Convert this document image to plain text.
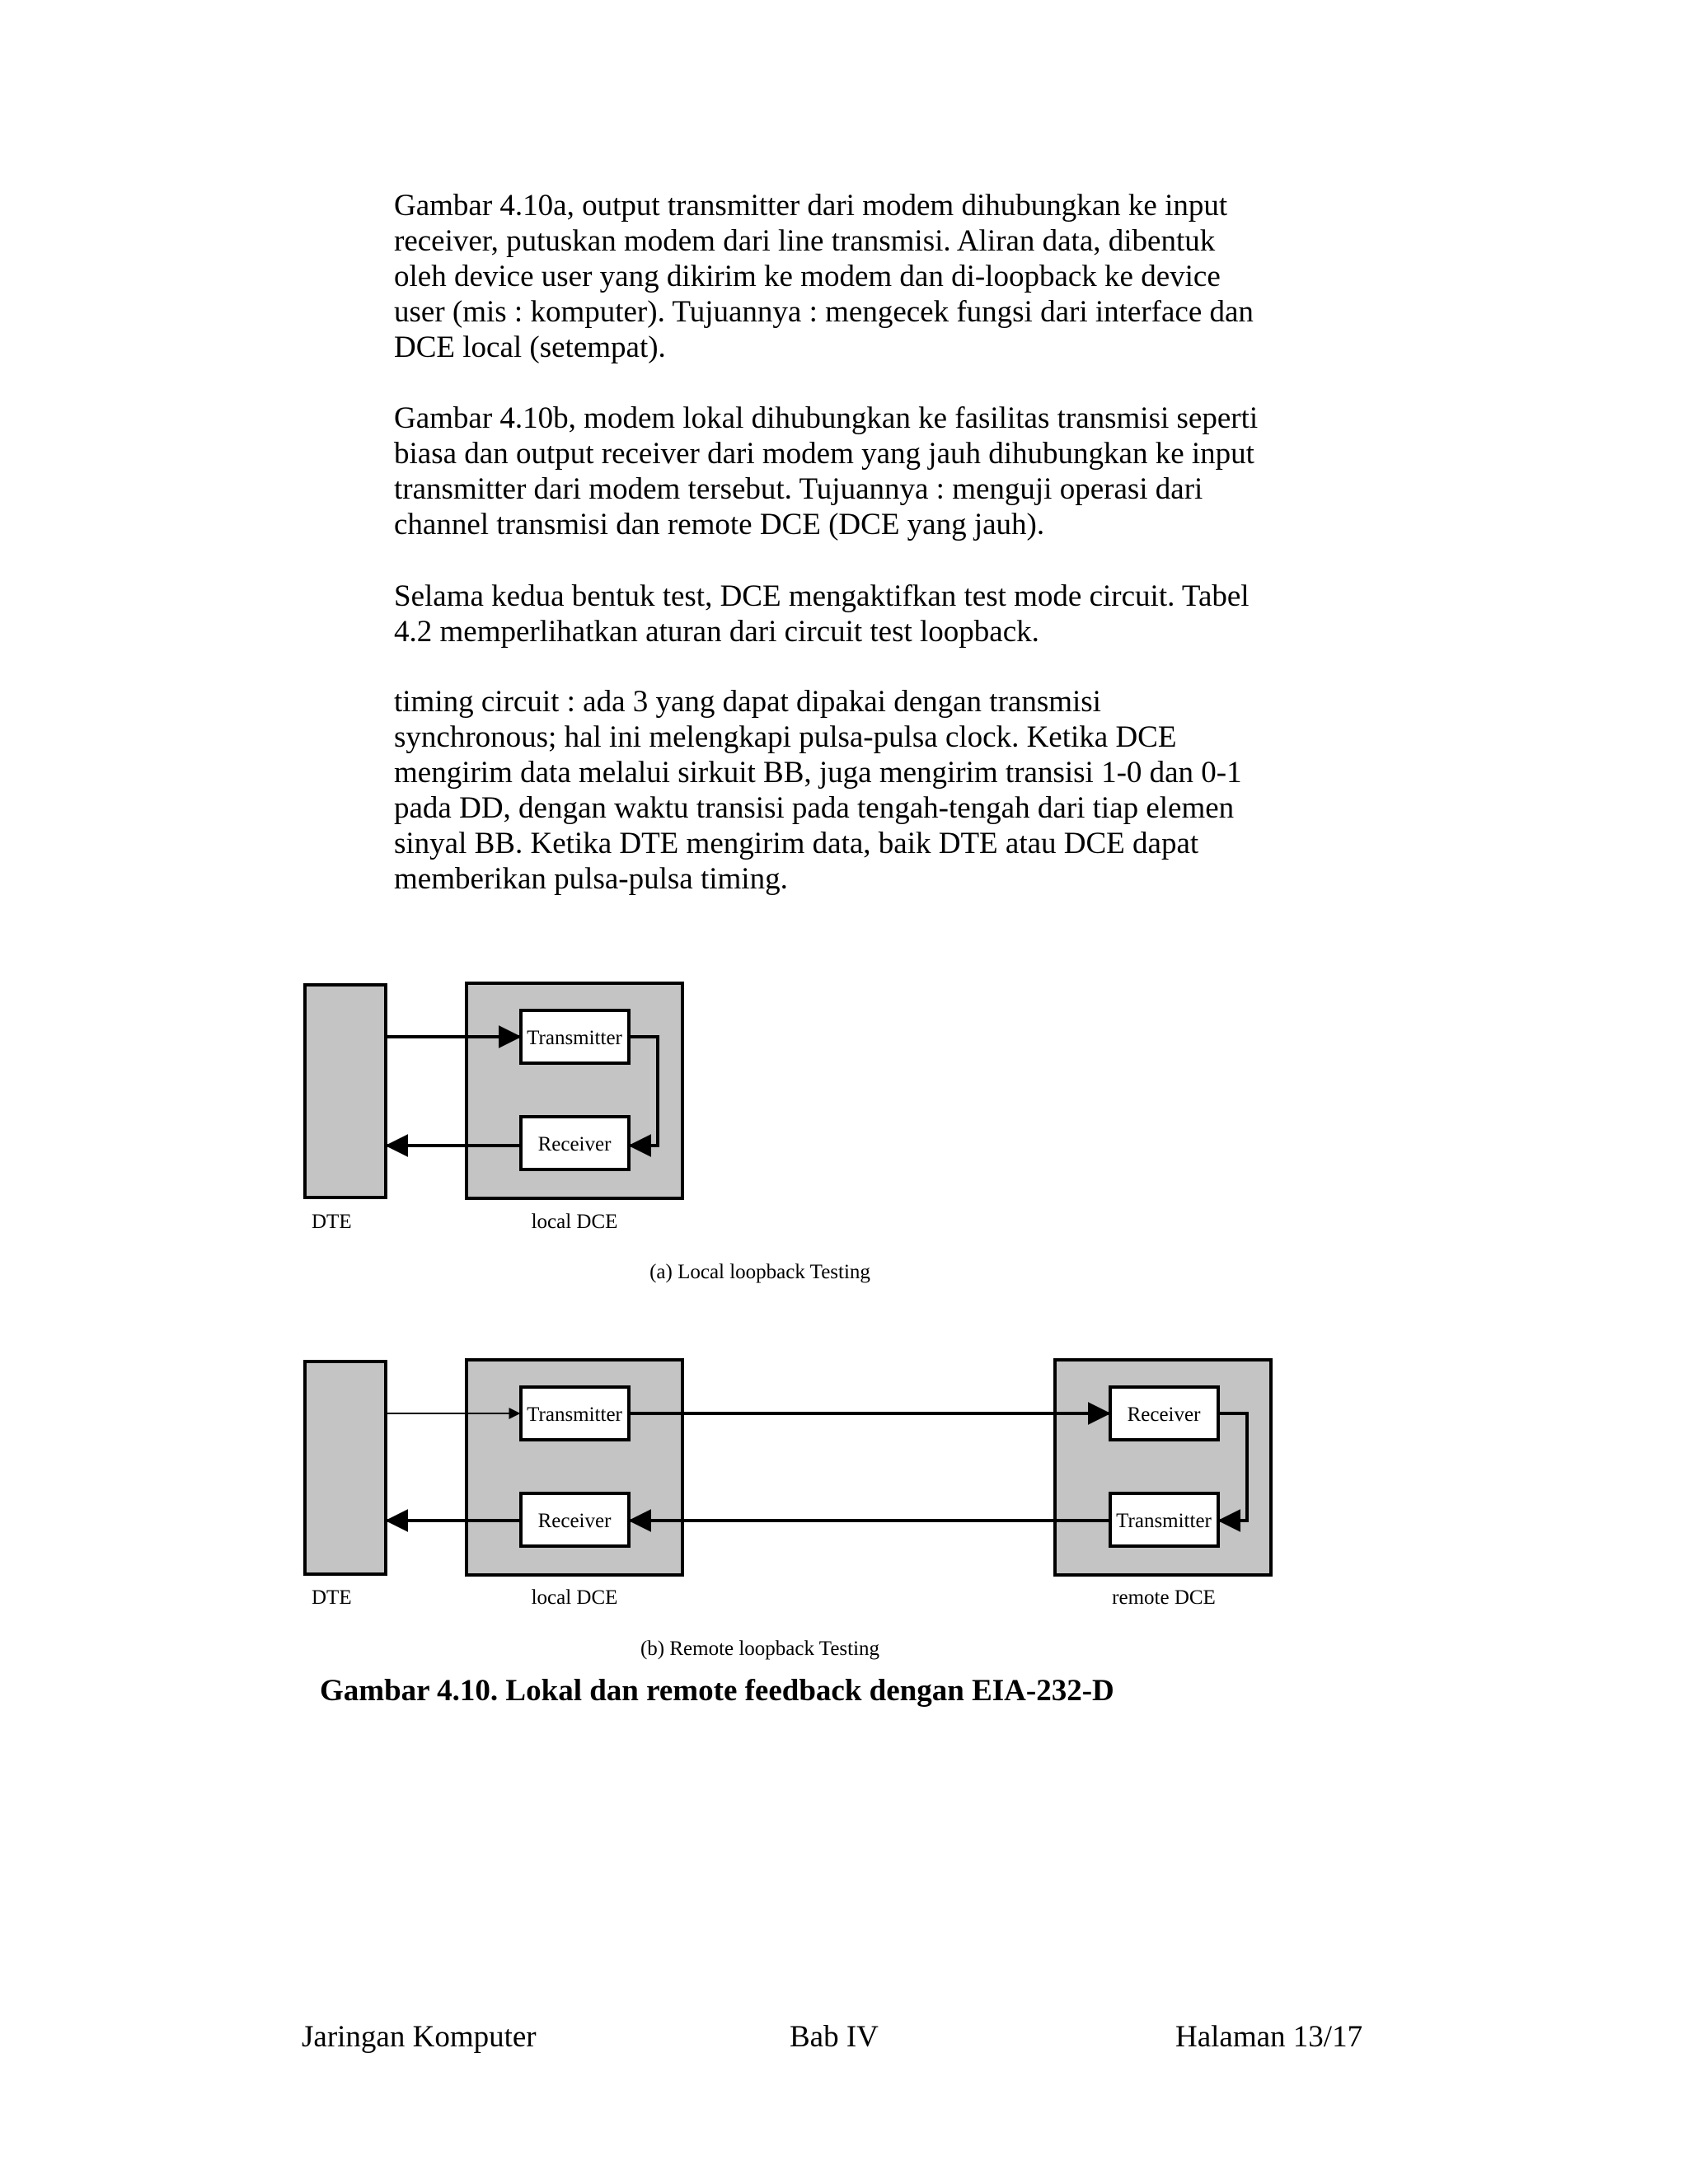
Gambar 4.10a, output transmitter dari modem dihubungkan ke input
receiver, putuskan modem dari line transmisi. Aliran data, dibentuk
oleh device user yang dikirim ke modem dan di-loopback ke device
user (mis : komputer). Tujuannya : mengecek fungsi dari interface dan
DCE local (setempat).
Gambar 4.10b, modem lokal dihubungkan ke fasilitas transmisi seperti
biasa dan output receiver dari modem yang jauh dihubungkan ke input
transmitter dari modem tersebut. Tujuannya : menguji operasi dari
channel transmisi dan remote DCE (DCE yang jauh).
Selama kedua bentuk test, DCE mengaktifkan test mode circuit. Tabel
4.2 memperlihatkan aturan dari circuit test loopback.
timing circuit : ada 3 yang dapat dipakai dengan transmisi
synchronous; hal ini melengkapi pulsa-pulsa clock. Ketika DCE
mengirim data melalui sirkuit BB, juga mengirim transisi 1-0 dan 0-1
pada DD, dengan waktu transisi pada tengah-tengah dari tiap elemen
sinyal BB. Ketika DTE mengirim data, baik DTE atau DCE dapat
memberikan pulsa-pulsa timing.
Transmitter
Receiver
DTE	local DCE
(a) Local loopback Testing
Transmitter
Receiver
Receiver
Transmitter
DTE	local DCE	remote DCE
(b) Remote loopback Testing
Gambar 4.10. Lokal dan remote feedback dengan EIA-232-D
Jaringan Komputer	Bab IV	Halaman 13/17
